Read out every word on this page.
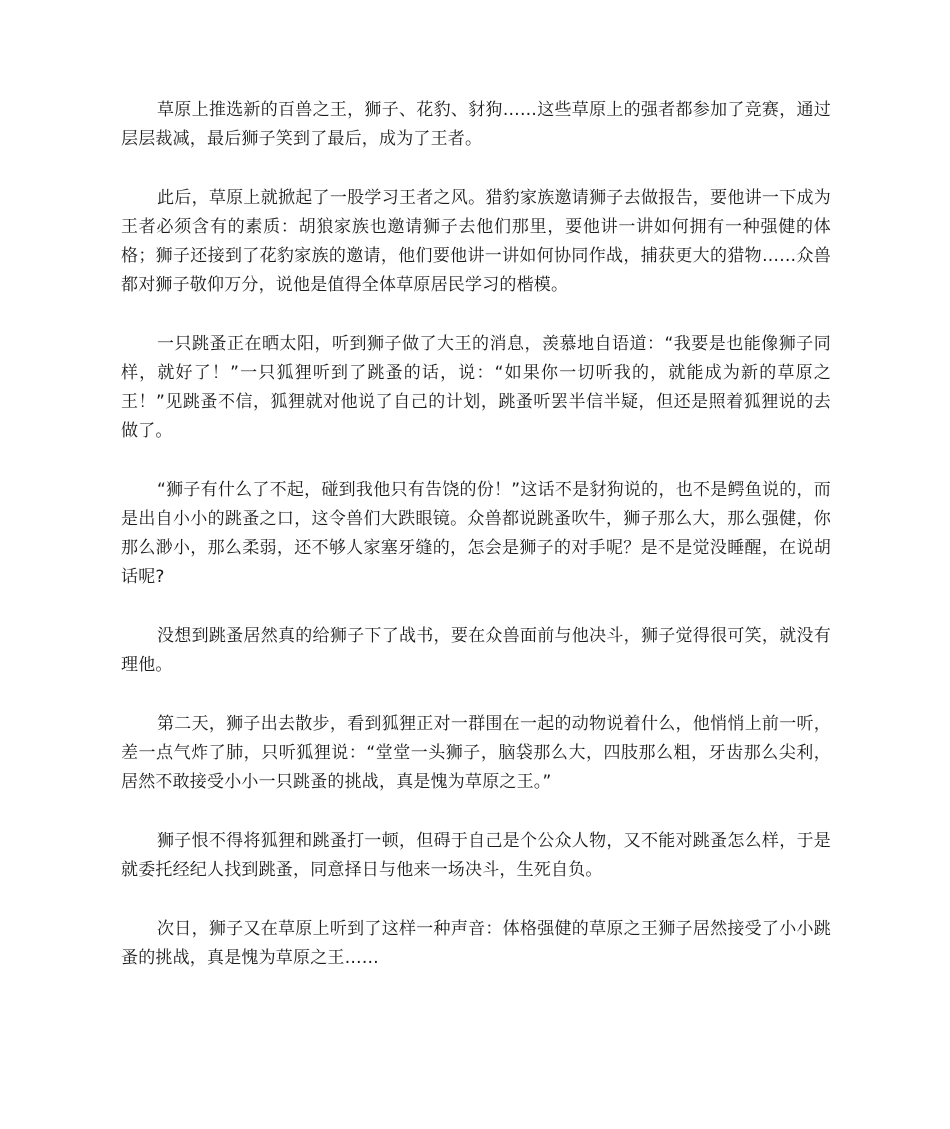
草原上推选新的百兽之王，狮子、花豹、豺狗……这些草原上的强者都参加了竞赛，通过层层裁减，最后狮子笑到了最后，成为了王者。

此后，草原上就掀起了一股学习王者之风。猎豹家族邀请狮子去做报告，要他讲一下成为王者必须含有的素质：胡狼家族也邀请狮子去他们那里，要他讲一讲如何拥有一种强健的体格；狮子还接到了花豹家族的邀请，他们要他讲一讲如何协同作战，捕获更大的猎物……众兽都对狮子敬仰万分，说他是值得全体草原居民学习的楷模。

一只跳蚤正在晒太阳，听到狮子做了大王的消息，羡慕地自语道：“我要是也能像狮子同样，就好了！”一只狐狸听到了跳蚤的话，说：“如果你一切听我的，就能成为新的草原之王！”见跳蚤不信，狐狸就对他说了自己的计划，跳蚤听罢半信半疑，但还是照着狐狸说的去做了。

“狮子有什么了不起，碰到我他只有告饶的份！”这话不是豺狗说的，也不是鳄鱼说的，而是出自小小的跳蚤之口，这令兽们大跌眼镜。众兽都说跳蚤吹牛，狮子那么大，那么强健，你那么渺小，那么柔弱，还不够人家塞牙缝的，怎会是狮子的对手呢？是不是觉没睡醒，在说胡话呢?

没想到跳蚤居然真的给狮子下了战书，要在众兽面前与他决斗，狮子觉得很可笑，就没有理他。

第二天，狮子出去散步，看到狐狸正对一群围在一起的动物说着什么，他悄悄上前一听，差一点气炸了肺，只听狐狸说：“堂堂一头狮子，脑袋那么大，四肢那么粗，牙齿那么尖利，居然不敢接受小小一只跳蚤的挑战，真是愧为草原之王。”

狮子恨不得将狐狸和跳蚤打一顿，但碍于自己是个公众人物，又不能对跳蚤怎么样，于是就委托经纪人找到跳蚤，同意择日与他来一场决斗，生死自负。

次日，狮子又在草原上听到了这样一种声音：体格强健的草原之王狮子居然接受了小小跳蚤的挑战，真是愧为草原之王……
